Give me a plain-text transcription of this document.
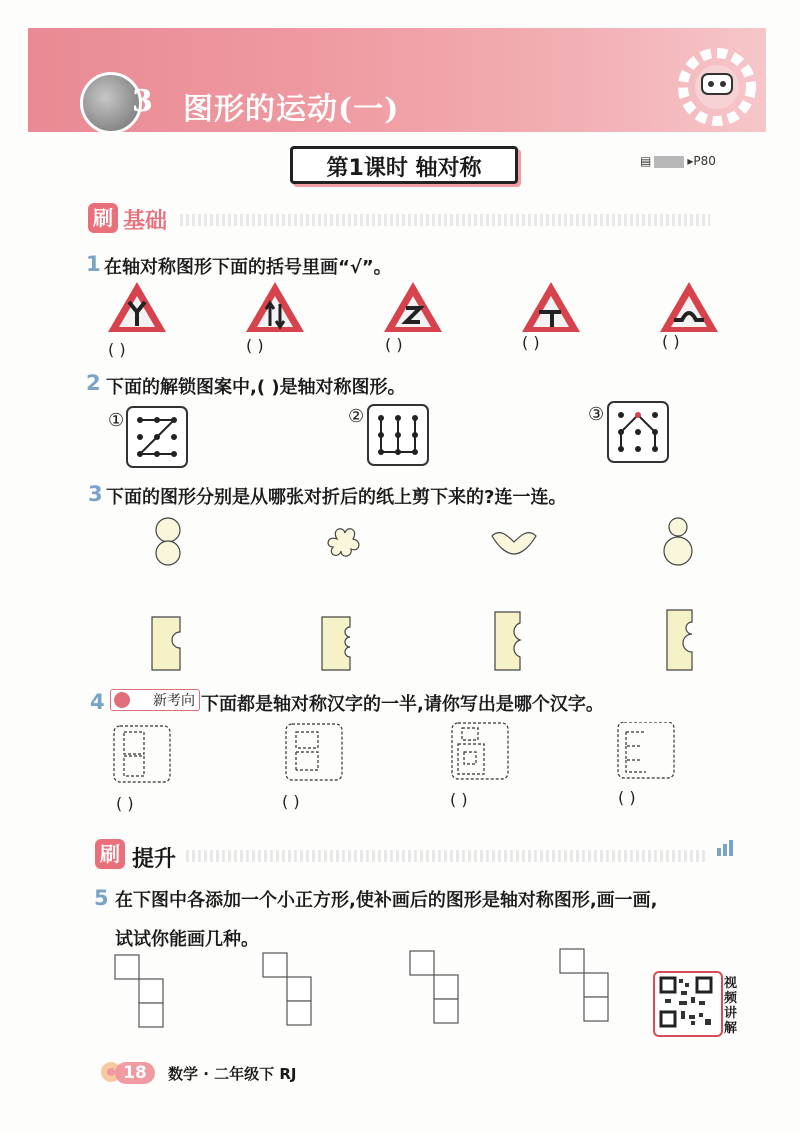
3 图形的运动(一)
第1课时 轴对称	▤	▸P80
刷 基础
1 在轴对称图形下面的括号里画“√”。
( )	( )	( )	( )	( )
2 下面的解锁图案中,( )是轴对称图形。
①	②	③
3 下面的图形分别是从哪张对折后的纸上剪下来的?连一连。
4	新考向 下面都是轴对称汉字的一半,请你写出是哪个汉字。
( )	( )	( )	( )
刷 提升
5 在下图中各添加一个小正方形,使补画后的图形是轴对称图形,画一画,
试试你能画几种。
视频讲解
18	数学 · 二年级下 RJ
